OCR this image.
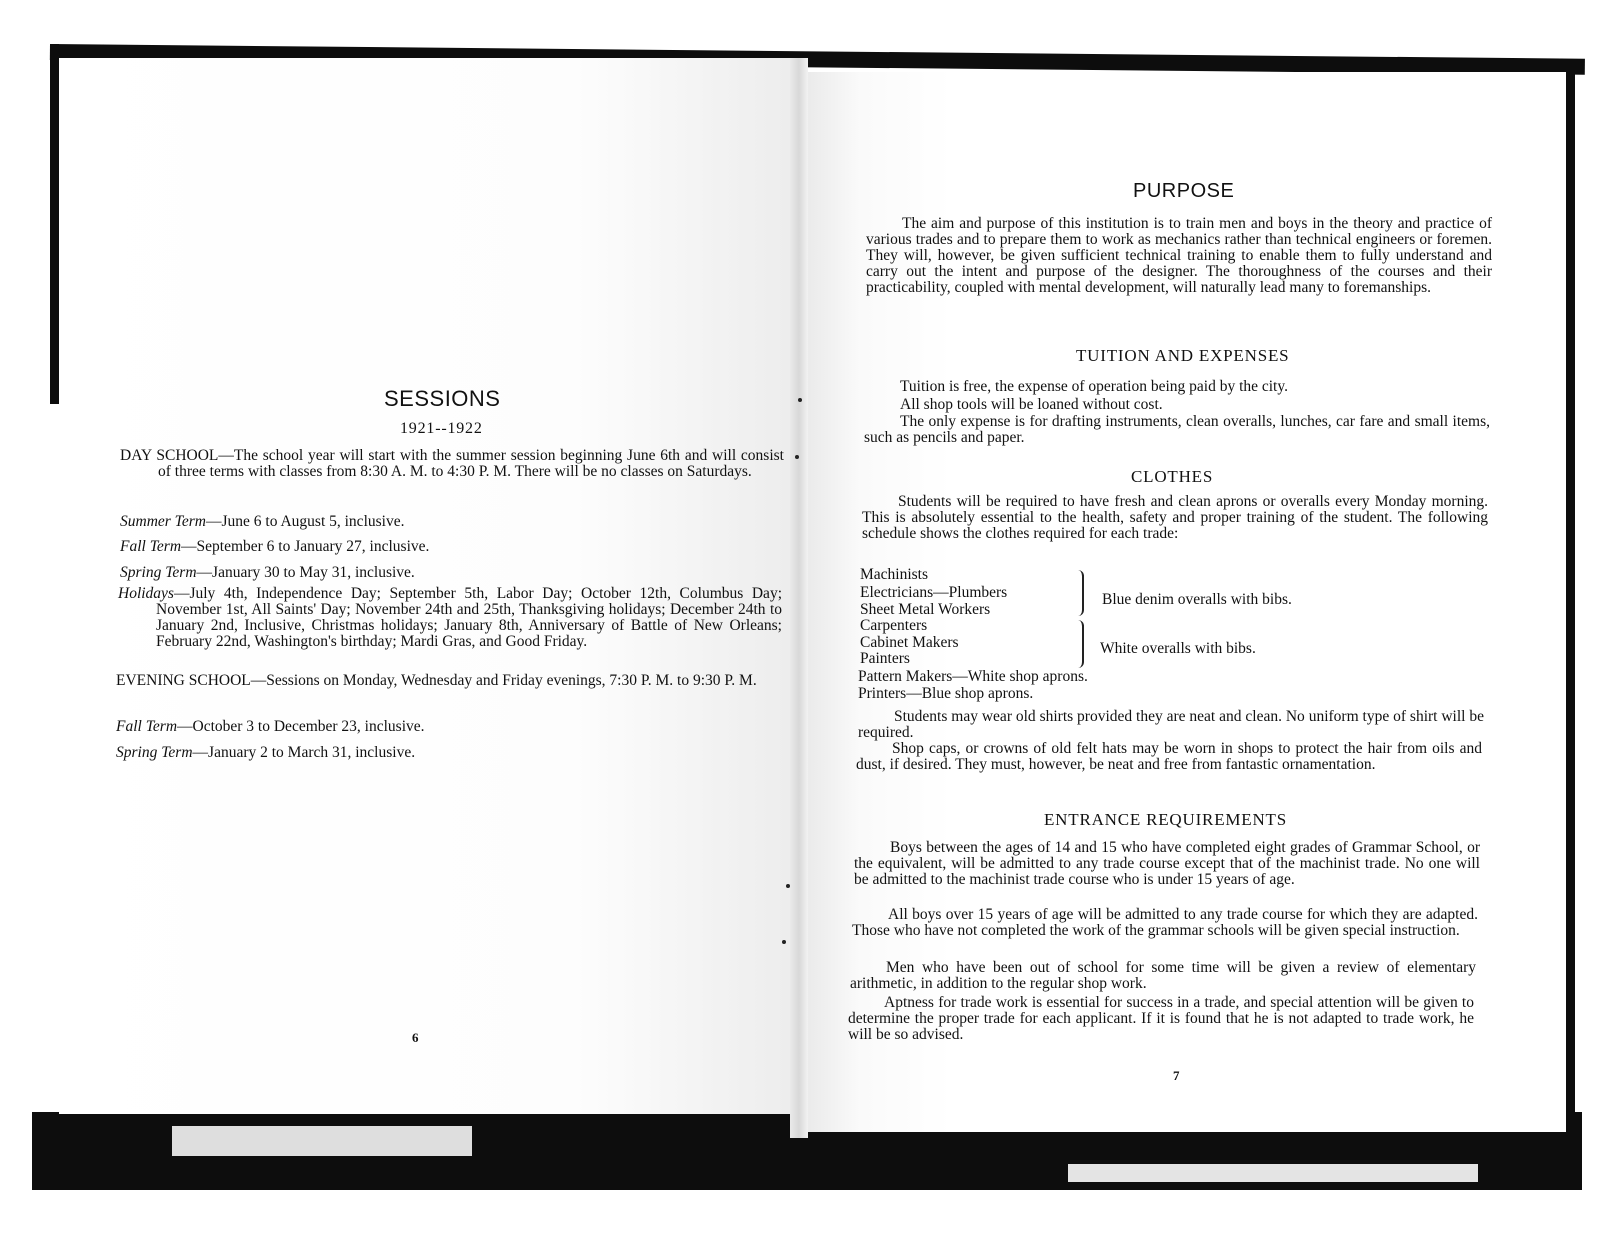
SESSIONS
1921--1922
DAY SCHOOL—The school year will start with the summer session beginning June 6th and will consist of three terms with classes from 8:30 A. M. to 4:30 P. M. There will be no classes on Saturdays.
Summer Term—June 6 to August 5, inclusive.
Fall Term—September 6 to January 27, inclusive.
Spring Term—January 30 to May 31, inclusive.
Holidays—July 4th, Independence Day; September 5th, Labor Day; October 12th, Columbus Day; November 1st, All Saints' Day; November 24th and 25th, Thanksgiving holidays; December 24th to January 2nd, Inclusive, Christmas holidays; January 8th, Anniversary of Battle of New Orleans; February 22nd, Washington's birthday; Mardi Gras, and Good Friday.
EVENING SCHOOL—Sessions on Monday, Wednesday and Friday evenings, 7:30 P. M. to 9:30 P. M.
Fall Term—October 3 to December 23, inclusive.
Spring Term—January 2 to March 31, inclusive.
6
PURPOSE
The aim and purpose of this institution is to train men and boys in the theory and practice of various trades and to prepare them to work as mechanics rather than technical engineers or foremen. They will, however, be given sufficient technical training to enable them to fully understand and carry out the intent and purpose of the designer. The thoroughness of the courses and their practicability, coupled with mental development, will naturally lead many to foremanships.
TUITION AND EXPENSES
Tuition is free, the expense of operation being paid by the city.
All shop tools will be loaned without cost.
The only expense is for drafting instruments, clean overalls, lunches, car fare and small items, such as pencils and paper.
CLOTHES
Students will be required to have fresh and clean aprons or overalls every Monday morning. This is absolutely essential to the health, safety and proper training of the student. The following schedule shows the clothes required for each trade:
Machinists
Electricians—Plumbers
Sheet Metal Workers
Carpenters
Cabinet Makers
Painters
Blue denim overalls with bibs.
White overalls with bibs.
Pattern Makers—White shop aprons.
Printers—Blue shop aprons.
Students may wear old shirts provided they are neat and clean. No uniform type of shirt will be required.
Shop caps, or crowns of old felt hats may be worn in shops to protect the hair from oils and dust, if desired. They must, however, be neat and free from fantastic ornamentation.
ENTRANCE REQUIREMENTS
Boys between the ages of 14 and 15 who have completed eight grades of Grammar School, or the equivalent, will be admitted to any trade course except that of the machinist trade. No one will be admitted to the machinist trade course who is under 15 years of age.
All boys over 15 years of age will be admitted to any trade course for which they are adapted. Those who have not completed the work of the grammar schools will be given special instruction.
Men who have been out of school for some time will be given a review of elementary arithmetic, in addition to the regular shop work.
Aptness for trade work is essential for success in a trade, and special attention will be given to determine the proper trade for each applicant. If it is found that he is not adapted to trade work, he will be so advised.
7
